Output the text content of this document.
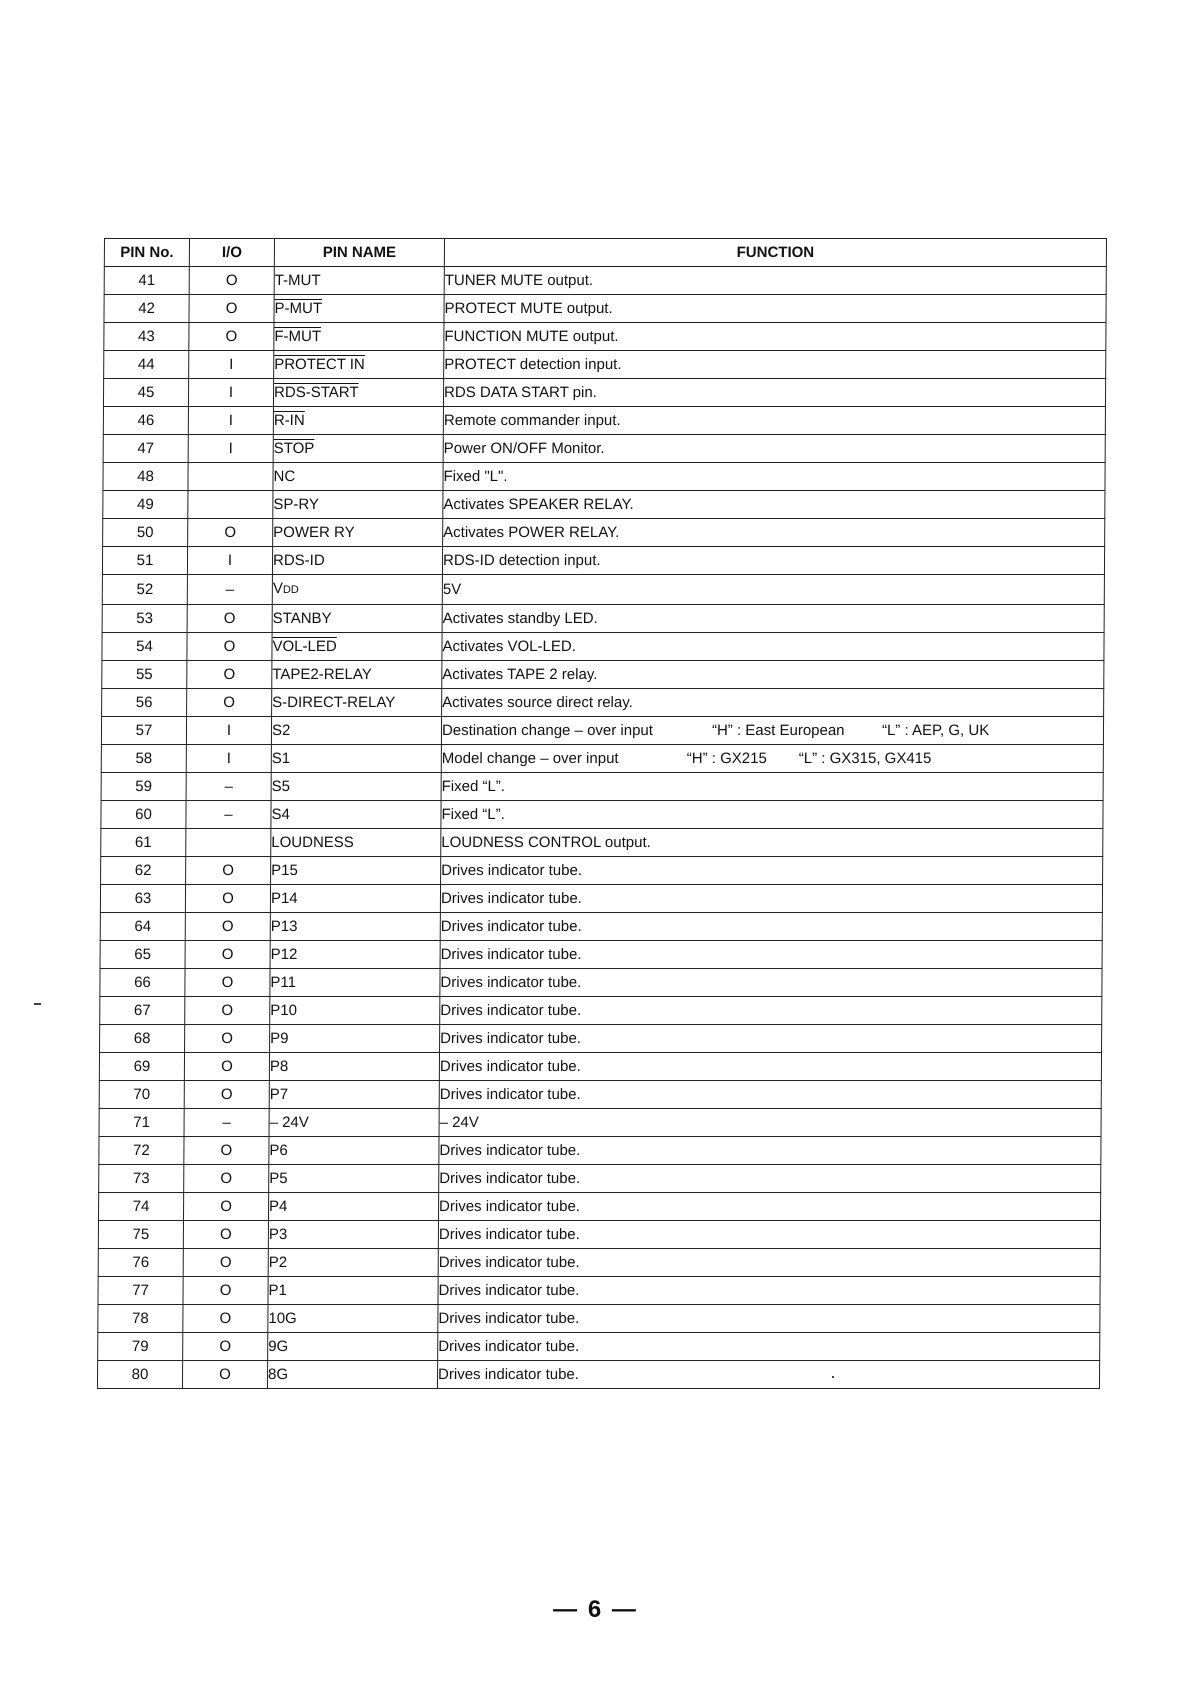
PIN No.	I/O	PIN NAME	FUNCTION
41	O	T-MUT	TUNER MUTE output.
42	O	P-MUT	PROTECT MUTE output.
43	O	F-MUT	FUNCTION MUTE output.
44	I	PROTECT IN	PROTECT detection input.
45	I	RDS-START	RDS DATA START pin.
46	I	R-IN	Remote commander input.
47	I	STOP	Power ON/OFF Monitor.
48		NC	Fixed "L".
49		SP-RY	Activates SPEAKER RELAY.
50	O	POWER RY	Activates POWER RELAY.
51	I	RDS-ID	RDS-ID detection input.
52	–	VDD	5V
53	O	STANBY	Activates standby LED.
54	O	VOL-LED	Activates VOL-LED.
55	O	TAPE2-RELAY	Activates TAPE 2 relay.
56	O	S-DIRECT-RELAY	Activates source direct relay.
57	I	S2	Destination change – over input “H” : East European “L” : AEP, G, UK
58	I	S1	Model change – over input “H” : GX215 “L” : GX315, GX415
59	–	S5	Fixed “L”.
60	–	S4	Fixed “L”.
61		LOUDNESS	LOUDNESS CONTROL output.
62	O	P15	Drives indicator tube.
63	O	P14	Drives indicator tube.
64	O	P13	Drives indicator tube.
65	O	P12	Drives indicator tube.
66	O	P11	Drives indicator tube.
67	O	P10	Drives indicator tube.
68	O	P9	Drives indicator tube.
69	O	P8	Drives indicator tube.
70	O	P7	Drives indicator tube.
71	–	– 24V	– 24V
72	O	P6	Drives indicator tube.
73	O	P5	Drives indicator tube.
74	O	P4	Drives indicator tube.
75	O	P3	Drives indicator tube.
76	O	P2	Drives indicator tube.
77	O	P1	Drives indicator tube.
78	O	10G	Drives indicator tube.
79	O	9G	Drives indicator tube.
80	O	8G	Drives indicator tube.
— 6 —
